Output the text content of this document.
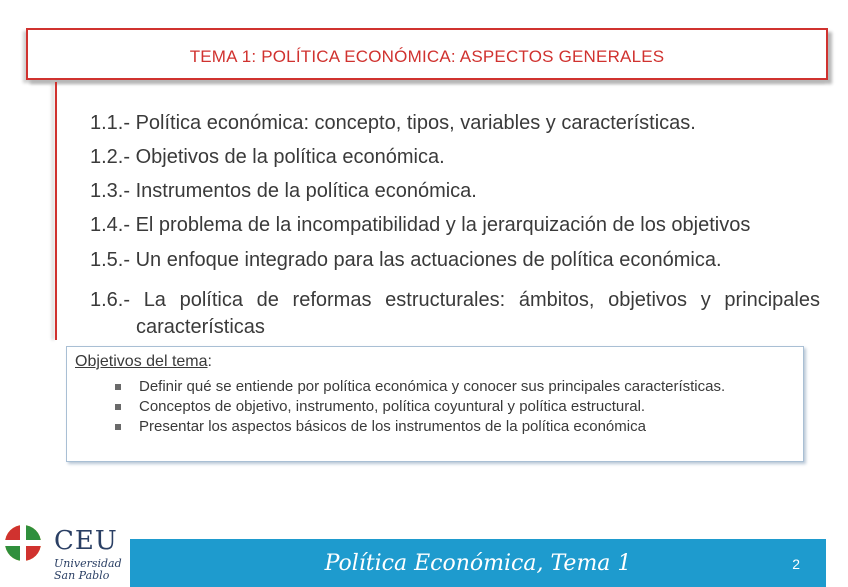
TEMA 1: POLÍTICA ECONÓMICA: ASPECTOS GENERALES
1.1.- Política económica: concepto, tipos, variables y características.
1.2.- Objetivos de la política económica.
1.3.- Instrumentos de la política económica.
1.4.- El problema de la incompatibilidad y la jerarquización de los objetivos
1.5.- Un enfoque integrado para las actuaciones de política económica.
1.6.- La política de reformas estructurales: ámbitos, objetivos y principales
características
Objetivos del tema:
Definir qué se entiende por política económica y conocer sus principales características.
Conceptos de objetivo, instrumento, política coyuntural y política estructural.
Presentar los aspectos básicos de los instrumentos de la política económica
CEU
Universidad
San Pablo	Política Económica, Tema 1	2
